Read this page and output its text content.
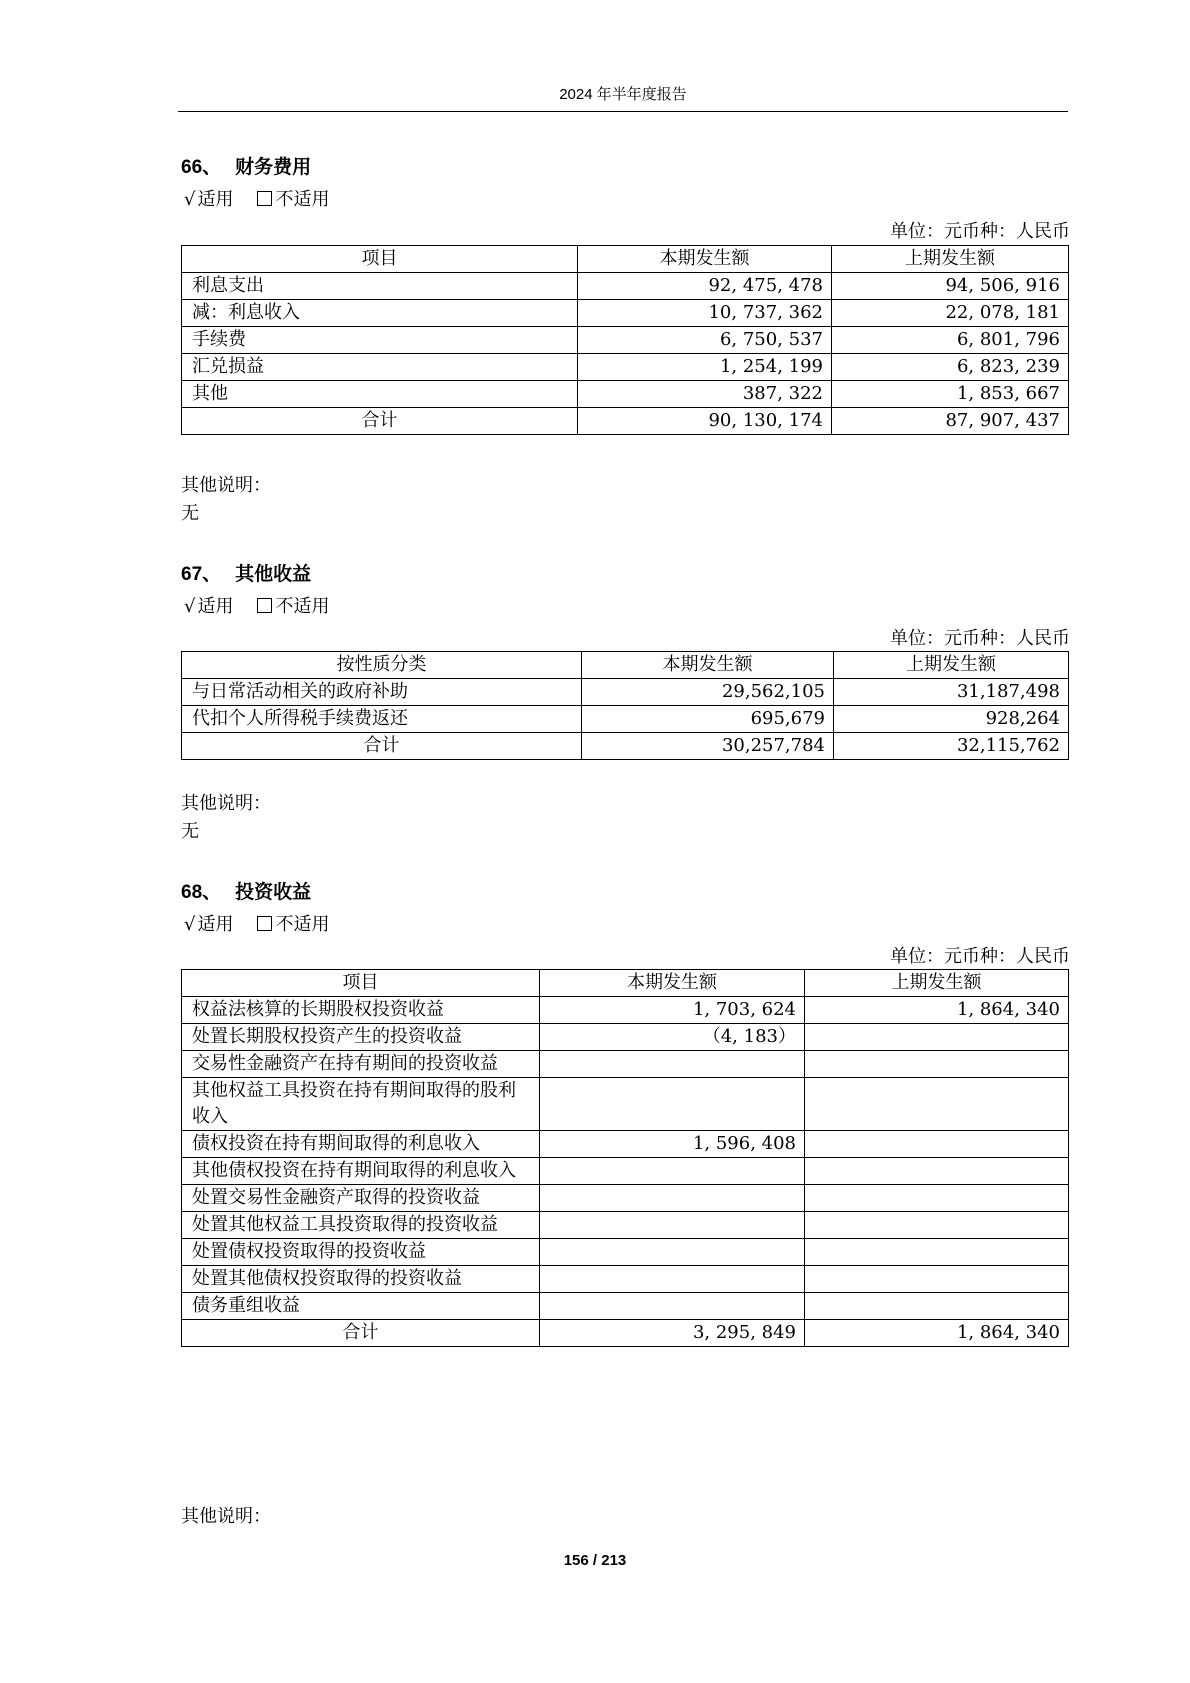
2024 年半年度报告
66、 财务费用
√ 适用 不适用
单位：元币种：人民币
项目	本期发生额	上期发生额
利息支出	92, 475, 478	94, 506, 916
减：利息收入	10, 737, 362	22, 078, 181
手续费	6, 750, 537	6, 801, 796
汇兑损益	1, 254, 199	6, 823, 239
其他	387, 322	1, 853, 667
合计	90, 130, 174	87, 907, 437
其他说明：
无
67、 其他收益
√ 适用 不适用
单位：元币种：人民币
按性质分类	本期发生额	上期发生额
与日常活动相关的政府补助	29,562,105	31,187,498
代扣个人所得税手续费返还	695,679	928,264
合计	30,257,784	32,115,762
其他说明：
无
68、 投资收益
√ 适用 不适用
单位：元币种：人民币
项目	本期发生额	上期发生额
权益法核算的长期股权投资收益	1, 703, 624	1, 864, 340
处置长期股权投资产生的投资收益	（4, 183）	
交易性金融资产在持有期间的投资收益		
其他权益工具投资在持有期间取得的股利收入		
债权投资在持有期间取得的利息收入	1, 596, 408	
其他债权投资在持有期间取得的利息收入		
处置交易性金融资产取得的投资收益		
处置其他权益工具投资取得的投资收益		
处置债权投资取得的投资收益		
处置其他债权投资取得的投资收益		
债务重组收益		
合计	3, 295, 849	1, 864, 340
其他说明：
156 / 213
